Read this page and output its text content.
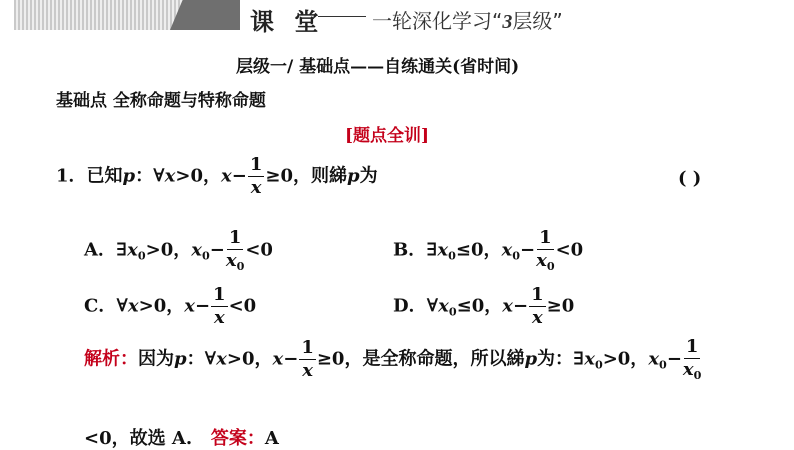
课 堂 一轮深化学习“3层级”
层级一/ 基础点——自练通关(省时间)
基础点 全称命题与特称命题
[题点全训]
1．已知p：∀x>0，$x- \frac{1}{x} \ge 0$，则綈p为	( )
A．$\exists x_0>0$，$x_0- \frac{1}{x_0} <0$	B．$\exists x_0\le 0$，$x_0- \frac{1}{x_0} <0$
C．∀x>0，$x- \frac{1}{x} <0$	D．$\forall x_0\le 0$，$x- \frac{1}{x} \ge 0$
解析：因为p：∀x>0，$x- \frac{1}{x} \ge 0$，是全称命题，所以綈p为：$\exists x_0>0$，$x_0- \frac{1}{x_0}$
<0，故选 A. 答案：A
